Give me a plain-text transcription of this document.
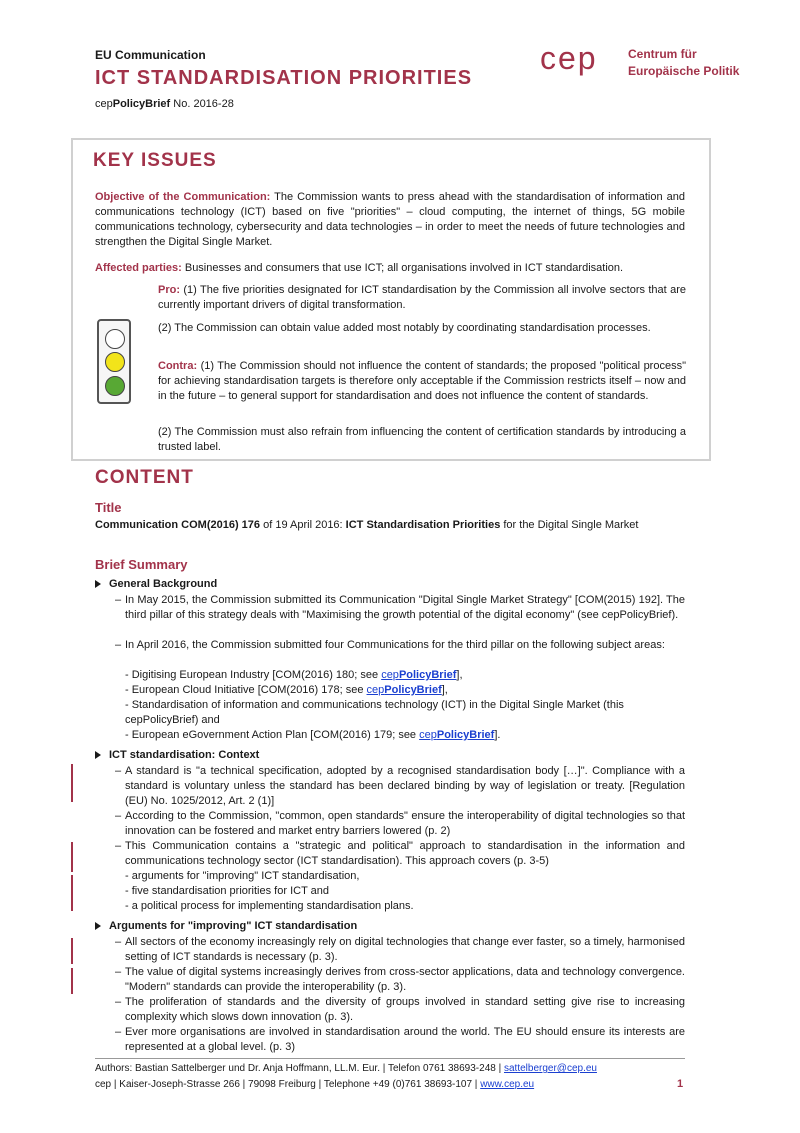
EU Communication
ICT STANDARDISATION PRIORITIES
cepPolicyBrief No. 2016-28
cep	Centrum für
Europäische Politik
KEY ISSUES
Objective of the Communication: The Commission wants to press ahead with the standardisation of information and communications technology (ICT) based on five "priorities" – cloud computing, the internet of things, 5G mobile communications technology, cybersecurity and data technologies – in order to meet the needs of future technologies and strengthen the Digital Single Market.
Affected parties: Businesses and consumers that use ICT; all organisations involved in ICT standardisation.
Pro: (1) The five priorities designated for ICT standardisation by the Commission all involve sectors that are currently important drivers of digital transformation.
(2) The Commission can obtain value added most notably by coordinating standardisation processes.
Contra: (1) The Commission should not influence the content of standards; the proposed "political process" for achieving standardisation targets is therefore only acceptable if the Commission restricts itself – now and in the future – to general support for standardisation and does not influence the content of standards.
(2) The Commission must also refrain from influencing the content of certification standards by introducing a trusted label.
CONTENT
Title
Communication COM(2016) 176 of 19 April 2016: ICT Standardisation Priorities for the Digital Single Market
Brief Summary
General Background
– In May 2015, the Commission submitted its Communication "Digital Single Market Strategy" [COM(2015) 192]. The third pillar of this strategy deals with "Maximising the growth potential of the digital economy" (see cepPolicyBrief).
– In April 2016, the Commission submitted four Communications for the third pillar on the following subject areas:
- Digitising European Industry [COM(2016) 180; see cepPolicyBrief],
- European Cloud Initiative [COM(2016) 178; see cepPolicyBrief],
- Standardisation of information and communications technology (ICT) in the Digital Single Market (this cepPolicyBrief) and
- European eGovernment Action Plan [COM(2016) 179; see cepPolicyBrief].
ICT standardisation: Context
– A standard is "a technical specification, adopted by a recognised standardisation body […]". Compliance with a standard is voluntary unless the standard has been declared binding by way of legislation or treaty. [Regulation (EU) No. 1025/2012, Art. 2 (1)]
– According to the Commission, "common, open standards" ensure the interoperability of digital technologies so that innovation can be fostered and market entry barriers lowered (p. 2)
– This Communication contains a "strategic and political" approach to standardisation in the information and communications technology sector (ICT standardisation). This approach covers (p. 3-5)
- arguments for "improving" ICT standardisation,
- five standardisation priorities for ICT and
- a political process for implementing standardisation plans.
Arguments for "improving" ICT standardisation
– All sectors of the economy increasingly rely on digital technologies that change ever faster, so a timely, harmonised setting of ICT standards is necessary (p. 3).
– The value of digital systems increasingly derives from cross-sector applications, data and technology convergence. "Modern" standards can provide the interoperability (p. 3).
– The proliferation of standards and the diversity of groups involved in standard setting give rise to increasing complexity which slows down innovation (p. 3).
– Ever more organisations are involved in standardisation around the world. The EU should ensure its interests are represented at a global level. (p. 3)
Authors: Bastian Sattelberger und Dr. Anja Hoffmann, LL.M. Eur. | Telefon 0761 38693-248 | sattelberger@cep.eu
cep | Kaiser-Joseph-Strasse 266 | 79098 Freiburg | Telephone +49 (0)761 38693-107 | www.cep.eu	1
